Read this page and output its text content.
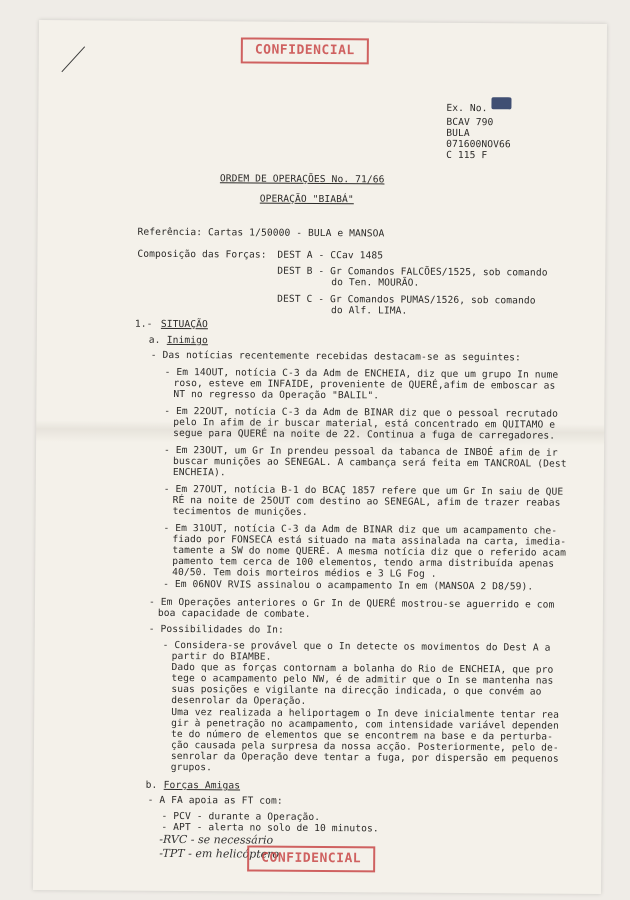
CONFIDENCIAL
Ex. No.
BCAV 790
BULA
071600NOV66
C 115 F
ORDEM DE OPERAÇÕES No. 71/66
OPERAÇÃO "BIABÁ"
Referência: Cartas 1/50000 - BULA e MANSOA
Composição das Forças: DEST A - CCav 1485
DEST B - Gr Comandos FALCÕES/1525, sob comando
do Ten. MOURÃO.
DEST C - Gr Comandos PUMAS/1526, sob comando
do Alf. LIMA.
1.- SITUAÇÃO
a. Inimigo
- Das notícias recentemente recebidas destacam-se as seguintes:
- Em 14OUT, notícia C-3 da Adm de ENCHEIA, diz que um grupo In nume
roso, esteve em INFAIDE, proveniente de QUERÉ,afim de emboscar as
NT no regresso da Operação "BALIL".
- Em 22OUT, notícia C-3 da Adm de BINAR diz que o pessoal recrutado
pelo In afim de ir buscar material, está concentrado em QUITAMO e
segue para QUERÉ na noite de 22. Continua a fuga de carregadores.
- Em 23OUT, um Gr In prendeu pessoal da tabanca de INBOÉ afim de ir
buscar munições ao SENEGAL. A cambança será feita em TANCROAL (Dest
ENCHEIA).
- Em 27OUT, notícia B-1 do BCAÇ 1857 refere que um Gr In saiu de QUE
RÉ na noite de 25OUT com destino ao SENEGAL, afim de trazer reabas
tecimentos de munições.
- Em 31OUT, notícia C-3 da Adm de BINAR diz que um acampamento che-
fiado por FONSECA está situado na mata assinalada na carta, imedia-
tamente a SW do nome QUERÉ. A mesma notícia diz que o referido acam
pamento tem cerca de 100 elementos, tendo arma distribuída apenas
40/50. Tem dois morteiros médios e 3 LG Fog .
- Em 06NOV RVIS assinalou o acampamento In em (MANSOA 2 D8/59).
- Em Operações anteriores o Gr In de QUERÉ mostrou-se aguerrido e com
boa capacidade de combate.
- Possibilidades do In:
- Considera-se provável que o In detecte os movimentos do Dest A a
partir do BIAMBE.
Dado que as forças contornam a bolanha do Rio de ENCHEIA, que pro
tege o acampamento pelo NW, é de admitir que o In se mantenha nas
suas posições e vigilante na direcção indicada, o que convém ao
desenrolar da Operação.
Uma vez realizada a heliportagem o In deve inicialmente tentar rea
gir à penetração no acampamento, com intensidade variável dependen
te do número de elementos que se encontrem na base e da perturba-
ção causada pela surpresa da nossa acção. Posteriormente, pelo de-
senrolar da Operação deve tentar a fuga, por dispersão em pequenos
grupos.
b. Forças Amigas
- A FA apoia as FT com:
- PCV - durante a Operação.
- APT - alerta no solo de 10 minutos.
-RVC - se necessário
-TPT - em helicóptero
CONFIDENCIAL
